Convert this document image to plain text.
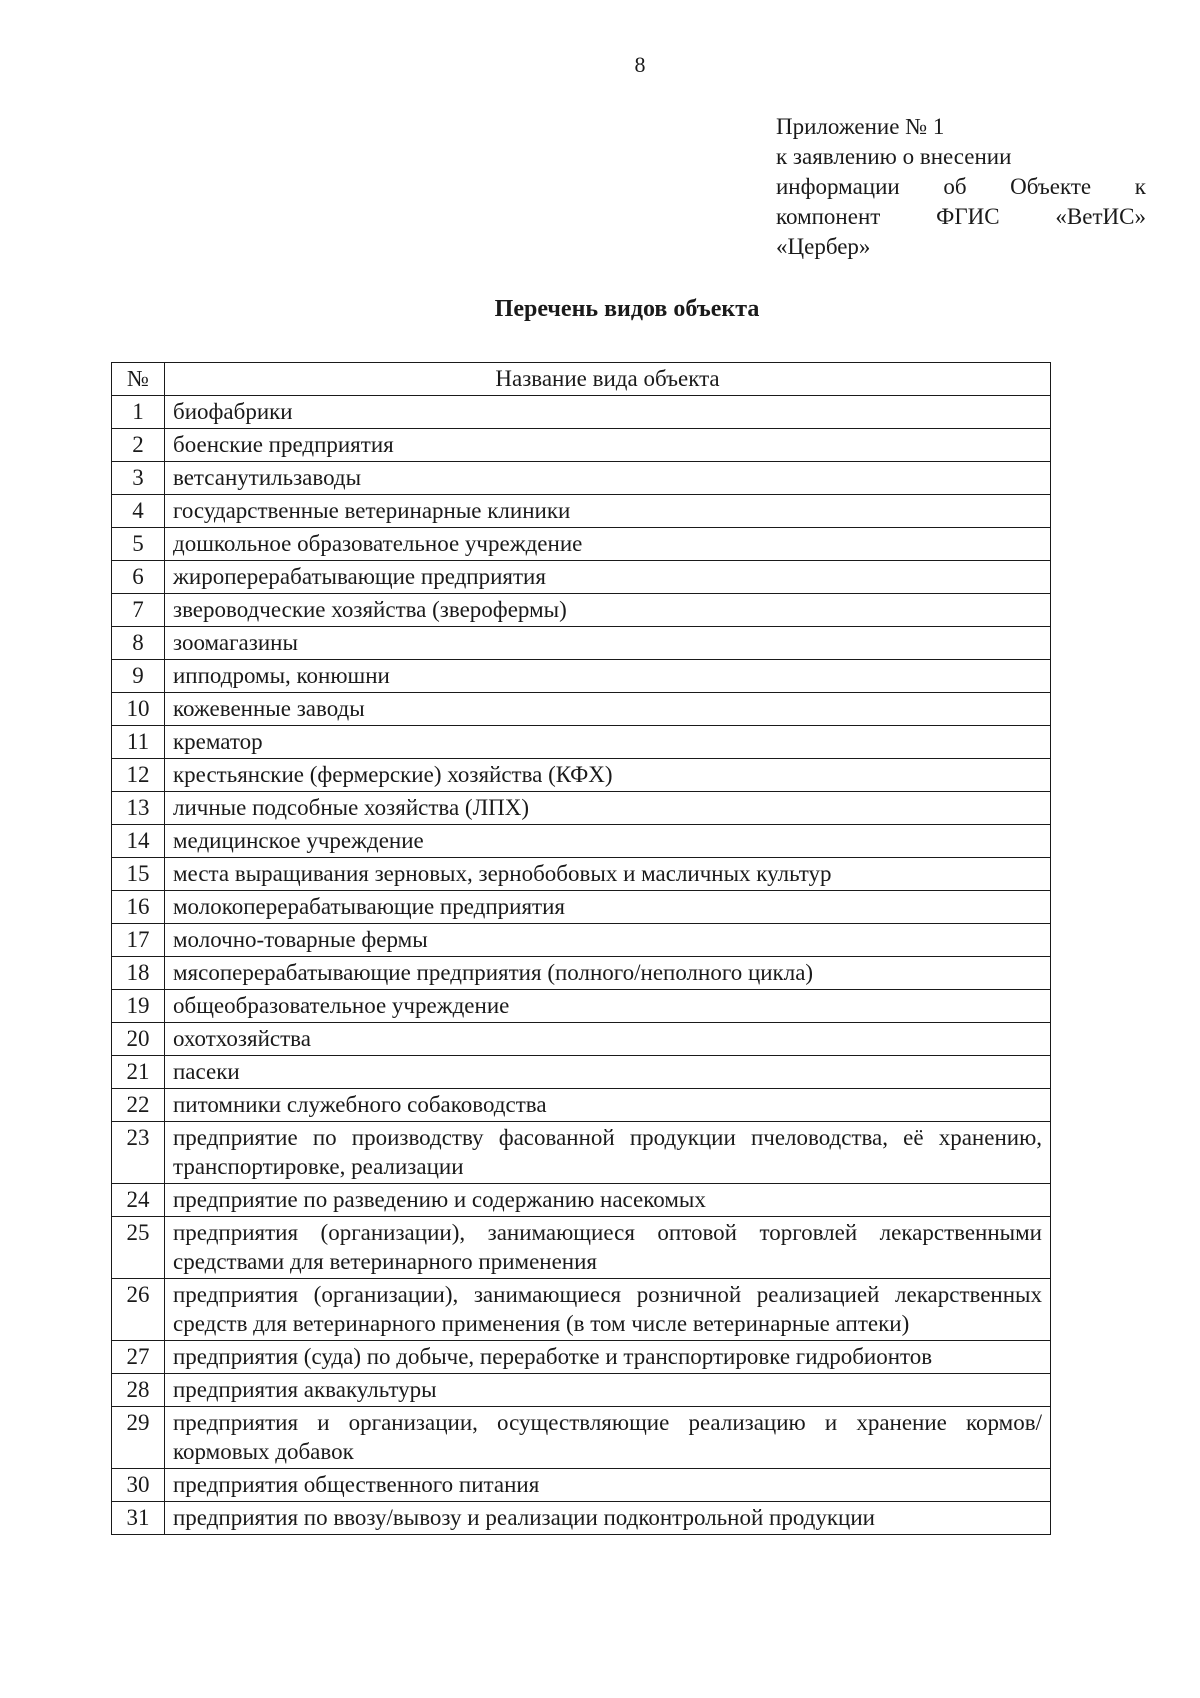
8
Приложение № 1
к заявлению о внесении
информации об Объекте к
компонент ФГИС «ВетИС»
«Цербер»
Перечень видов объекта
№	Название вида объекта
1	биофабрики
2	боенские предприятия
3	ветсанутильзаводы
4	государственные ветеринарные клиники
5	дошкольное образовательное учреждение
6	жироперерабатывающие предприятия
7	звероводческие хозяйства (зверофермы)
8	зоомагазины
9	ипподромы, конюшни
10	кожевенные заводы
11	крематор
12	крестьянские (фермерские) хозяйства (КФХ)
13	личные подсобные хозяйства (ЛПХ)
14	медицинское учреждение
15	места выращивания зерновых, зернобобовых и масличных культур
16	молокоперерабатывающие предприятия
17	молочно-товарные фермы
18	мясоперерабатывающие предприятия (полного/неполного цикла)
19	общеобразовательное учреждение
20	охотхозяйства
21	пасеки
22	питомники служебного собаководства
23	предприятие по производству фасованной продукции пчеловодства, её хранению, транспортировке, реализации
24	предприятие по разведению и содержанию насекомых
25	предприятия (организации), занимающиеся оптовой торговлей лекарственными средствами для ветеринарного применения
26	предприятия (организации), занимающиеся розничной реализацией лекарственных средств для ветеринарного применения (в том числе ветеринарные аптеки)
27	предприятия (суда) по добыче, переработке и транспортировке гидробионтов
28	предприятия аквакультуры
29	предприятия и организации, осуществляющие реализацию и хранение кормов/кормовых добавок
30	предприятия общественного питания
31	предприятия по ввозу/вывозу и реализации подконтрольной продукции
